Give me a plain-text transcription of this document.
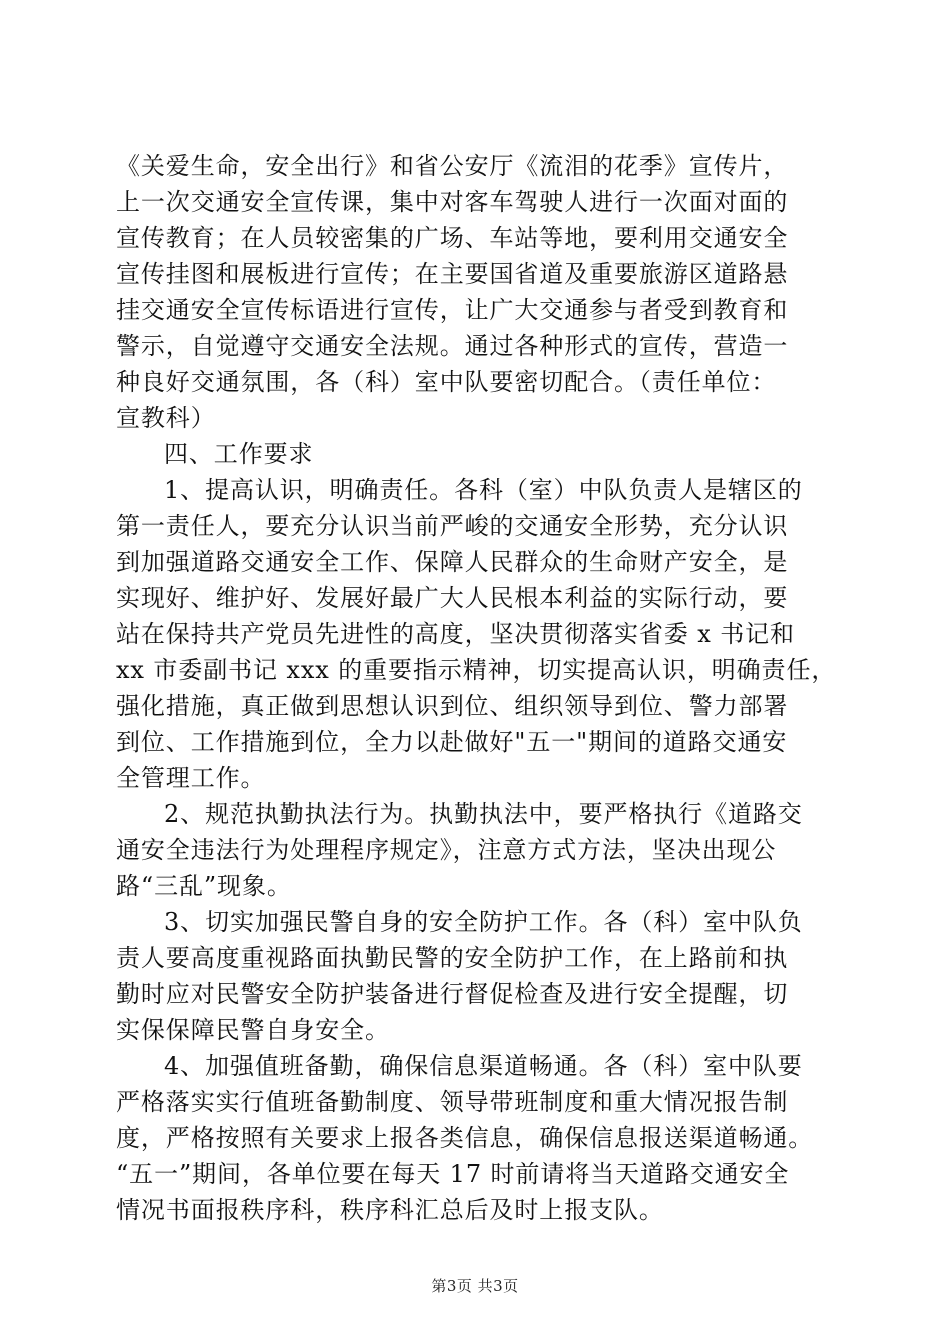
《关爱生命，安全出行》和省公安厅《流泪的花季》宣传片，

上一次交通安全宣传课，集中对客车驾驶人进行一次面对面的

宣传教育；在人员较密集的广场、车站等地，要利用交通安全

宣传挂图和展板进行宣传；在主要国省道及重要旅游区道路悬

挂交通安全宣传标语进行宣传，让广大交通参与者受到教育和

警示，自觉遵守交通安全法规。通过各种形式的宣传，营造一

种良好交通氛围，各（科）室中队要密切配合。（责任单位：

宣教科）

四、工作要求

1、提高认识，明确责任。各科（室）中队负责人是辖区的

第一责任人，要充分认识当前严峻的交通安全形势，充分认识

到加强道路交通安全工作、保障人民群众的生命财产安全，是

实现好、维护好、发展好最广大人民根本利益的实际行动，要

站在保持共产党员先进性的高度，坚决贯彻落实省委 x 书记和

xx 市委副书记 xxx 的重要指示精神，切实提高认识，明确责任，

强化措施，真正做到思想认识到位、组织领导到位、警力部署

到位、工作措施到位，全力以赴做好"五一"期间的道路交通安

全管理工作。

2、规范执勤执法行为。执勤执法中，要严格执行《道路交

通安全违法行为处理程序规定》，注意方式方法，坚决出现公

路“三乱”现象。

3、切实加强民警自身的安全防护工作。各（科）室中队负

责人要高度重视路面执勤民警的安全防护工作，在上路前和执

勤时应对民警安全防护装备进行督促检查及进行安全提醒，切

实保保障民警自身安全。

4、加强值班备勤，确保信息渠道畅通。各（科）室中队要

严格落实实行值班备勤制度、领导带班制度和重大情况报告制

度，严格按照有关要求上报各类信息，确保信息报送渠道畅通。

“五一”期间，各单位要在每天 17 时前请将当天道路交通安全

情况书面报秩序科，秩序科汇总后及时上报支队。

第3页 共3页
